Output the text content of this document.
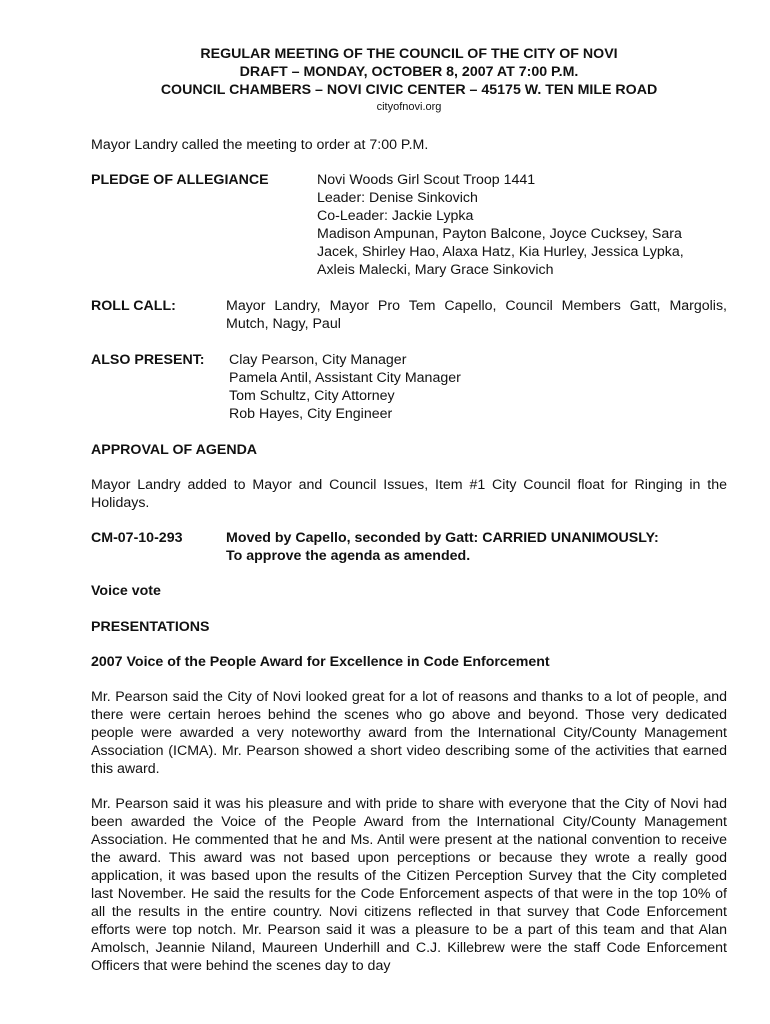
REGULAR MEETING OF THE COUNCIL OF THE CITY OF NOVI
DRAFT – MONDAY, OCTOBER 8, 2007 AT 7:00 P.M.
COUNCIL CHAMBERS – NOVI CIVIC CENTER – 45175 W. TEN MILE ROAD
cityofnovi.org

Mayor Landry called the meeting to order at 7:00 P.M.

PLEDGE OF ALLEGIANCE	Novi Woods Girl Scout Troop 1441
Leader: Denise Sinkovich
Co-Leader: Jackie Lypka
Madison Ampunan, Payton Balcone, Joyce Cucksey, Sara
Jacek, Shirley Hao, Alaxa Hatz, Kia Hurley, Jessica Lypka,
Axleis Malecki, Mary Grace Sinkovich
ROLL CALL:	Mayor Landry, Mayor Pro Tem Capello, Council Members Gatt, Margolis, Mutch, Nagy, Paul
ALSO PRESENT:	Clay Pearson, City Manager
Pamela Antil, Assistant City Manager
Tom Schultz, City Attorney
Rob Hayes, City Engineer

APPROVAL OF AGENDA

Mayor Landry added to Mayor and Council Issues, Item #1 City Council float for Ringing in the Holidays.

CM-07-10-293	Moved by Capello, seconded by Gatt: CARRIED UNANIMOUSLY:
To approve the agenda as amended.

Voice vote

PRESENTATIONS

2007 Voice of the People Award for Excellence in Code Enforcement

Mr. Pearson said the City of Novi looked great for a lot of reasons and thanks to a lot of people, and there were certain heroes behind the scenes who go above and beyond. Those very dedicated people were awarded a very noteworthy award from the International City/County Management Association (ICMA). Mr. Pearson showed a short video describing some of the activities that earned this award.

Mr. Pearson said it was his pleasure and with pride to share with everyone that the City of Novi had been awarded the Voice of the People Award from the International City/County Management Association. He commented that he and Ms. Antil were present at the national convention to receive the award. This award was not based upon perceptions or because they wrote a really good application, it was based upon the results of the Citizen Perception Survey that the City completed last November. He said the results for the Code Enforcement aspects of that were in the top 10% of all the results in the entire country. Novi citizens reflected in that survey that Code Enforcement efforts were top notch. Mr. Pearson said it was a pleasure to be a part of this team and that Alan Amolsch, Jeannie Niland, Maureen Underhill and C.J. Killebrew were the staff Code Enforcement Officers that were behind the scenes day to day
